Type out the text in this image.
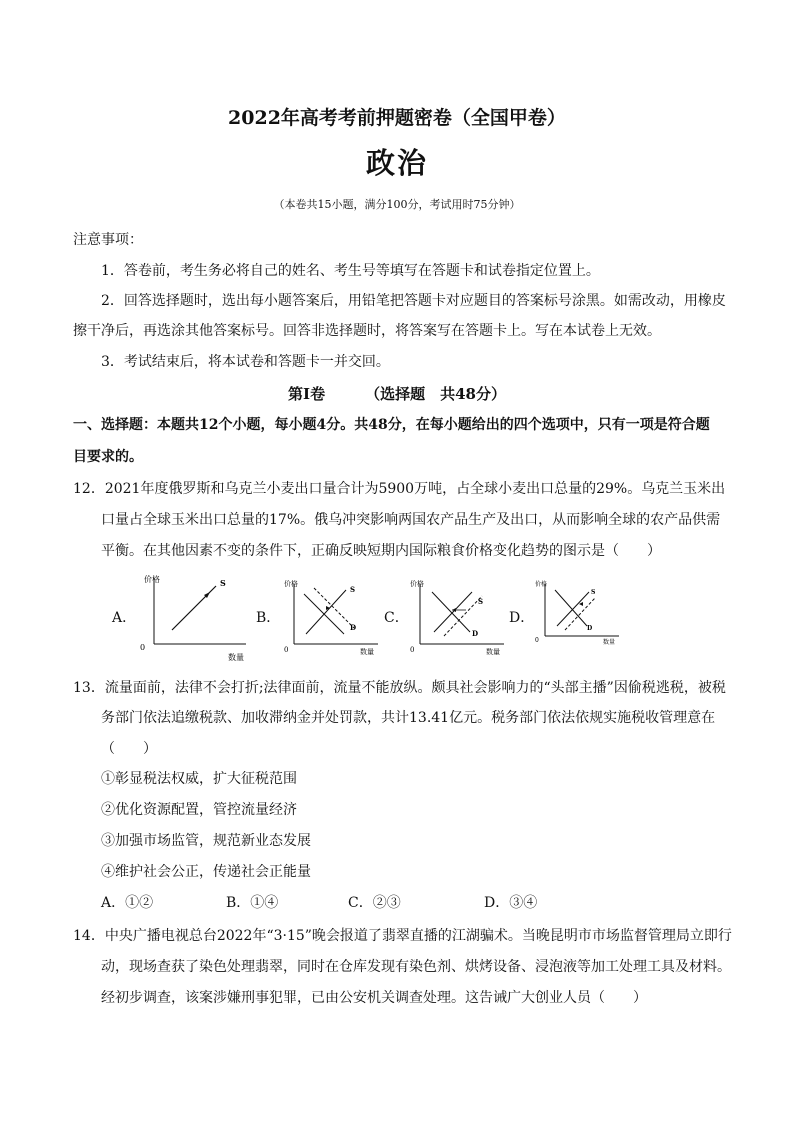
2022年高考考前押题密卷（全国甲卷）
政治
（本卷共15小题，满分100分，考试用时75分钟）
注意事项：
1．答卷前，考生务必将自己的姓名、考生号等填写在答题卡和试卷指定位置上。
2．回答选择题时，选出每小题答案后，用铅笔把答题卡对应题目的答案标号涂黑。如需改动，用橡皮
擦干净后，再选涂其他答案标号。回答非选择题时，将答案写在答题卡上。写在本试卷上无效。
3．考试结束后，将本试卷和答题卡一并交回。
第I卷	（选择题　共48分）
一、选择题：本题共12个小题，每小题4分。共48分，在每小题给出的四个选项中，只有一项是符合题
目要求的。
12．2021年度俄罗斯和乌克兰小麦出口量合计为5900万吨，占全球小麦出口总量的29%。乌克兰玉米出
口量占全球玉米出口总量的17%。俄乌冲突影响两国农产品生产及出口，从而影响全球的农产品供需
平衡。在其他因素不变的条件下，正确反映短期内国际粮食价格变化趋势的图示是（　　）
A．
价格
0
数量
S
B．
价格
0	数量
S
D
C．
价格
0	数量
S
D
D．
价格
0	数量
S
D
13．流量面前，法律不会打折;法律面前，流量不能放纵。颇具社会影响力的“头部主播”因偷税逃税，被税
务部门依法追缴税款、加收滞纳金并处罚款，共计13.41亿元。税务部门依法依规实施税收管理意在
（　　）
①彰显税法权威，扩大征税范围
②优化资源配置，管控流量经济
③加强市场监管，规范新业态发展
④维护社会公正，传递社会正能量
A．①②	B．①④	C．②③	D．③④
14．中央广播电视总台2022年“3·15”晚会报道了翡翠直播的江湖骗术。当晚昆明市市场监督管理局立即行
动，现场查获了染色处理翡翠，同时在仓库发现有染色剂、烘烤设备、浸泡液等加工处理工具及材料。
经初步调查，该案涉嫌刑事犯罪，已由公安机关调查处理。这告诫广大创业人员（　　）
